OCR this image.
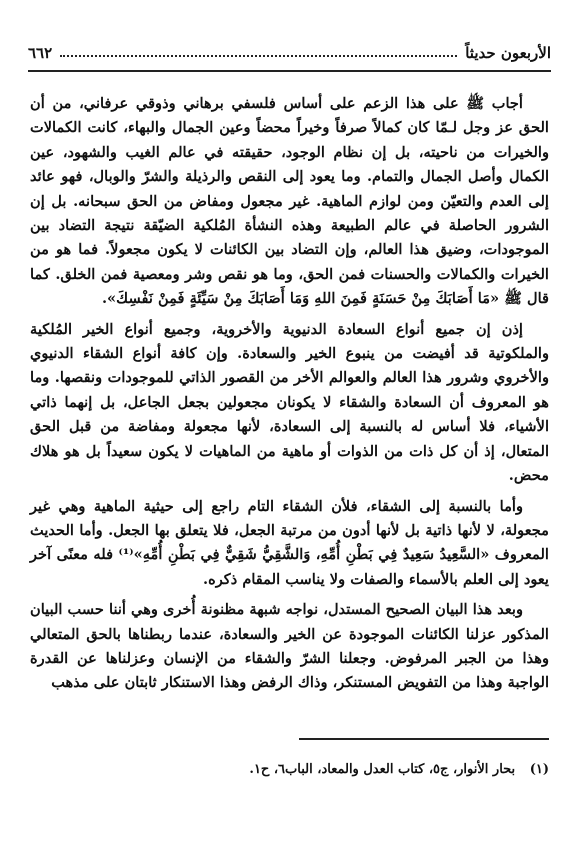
الأربعون حديثاً
٦٦٢

أجاب ﷺ على هذا الزعم على أساس فلسفي برهاني وذوقي عرفاني، من أن الحق عز وجل لـمّا كان كمالاً صرفاً وخيراً محضاً وعين الجمال والبهاء، كانت الكمالات والخيرات من ناحيته، بل إن نظام الوجود، حقيقته في عالم الغيب والشهود، عين الكمال وأصل الجمال والتمام. وما يعود إلى النقص والرذيلة والشرّ والوبال، فهو عائد إلى العدم والتعيّن ومن لوازم الماهية. غير مجعول ومفاض من الحق سبحانه. بل إن الشرور الحاصلة في عالم الطبيعة وهذه النشأة المُلكية الضيّقة نتيجة التضاد بين الموجودات، وضيق هذا العالم، وإن التضاد بين الكائنات لا يكون مجعولاً. فما هو من الخيرات والكمالات والحسنات فمن الحق، وما هو نقص وشر ومعصية فمن الخلق. كما قال ﷺ «مَا أَصَابَكَ مِنْ حَسَنَةٍ فَمِنَ اللهِ وَمَا أَصَابَكَ مِنْ سَيِّئَةٍ فَمِنْ نَفْسِكَ».

إذن إن جميع أنواع السعادة الدنيوية والأخروية، وجميع أنواع الخير المُلكية والملكوتية قد أفيضت من ينبوع الخير والسعادة. وإن كافة أنواع الشقاء الدنيوي والأخروي وشرور هذا العالم والعوالم الأخر من القصور الذاتي للموجودات ونقصها. وما هو المعروف أن السعادة والشقاء لا يكونان مجعولين بجعل الجاعل، بل إنهما ذاتي الأشياء، فلا أساس له بالنسبة إلى السعادة، لأنها مجعولة ومفاضة من قبل الحق المتعال، إذ أن كل ذات من الذوات أو ماهية من الماهيات لا يكون سعيداً بل هو هلاك محض.

وأما بالنسبة إلى الشقاء، فلأن الشقاء التام راجع إلى حيثية الماهية وهي غير مجعولة، لا لأنها ذاتية بل لأنها أدون من مرتبة الجعل، فلا يتعلق بها الجعل. وأما الحديث المعروف «السَّعِيدُ سَعِيدٌ فِي بَطْنِ أُمِّهِ، وَالشَّقِيُّ شَقِيٌّ فِي بَطْنِ أُمِّهِ»⁽¹⁾ فله معنًى آخر يعود إلى العلم بالأسماء والصفات ولا يناسب المقام ذكره.

وبعد هذا البيان الصحيح المستدل، نواجه شبهة مظنونة أُخرى وهي أننا حسب البيان المذكور عزلنا الكائنات الموجودة عن الخير والسعادة، عندما ربطناها بالحق المتعالي وهذا من الجبر المرفوض. وجعلنا الشرّ والشقاء من الإنسان وعزلناها عن القدرة الواجبة وهذا من التفويض المستنكر، وذاك الرفض وهذا الاستنكار ثابتان على مذهب

(١) بحار الأنوار، ج٥، كتاب العدل والمعاد، الباب٦، ح١.
